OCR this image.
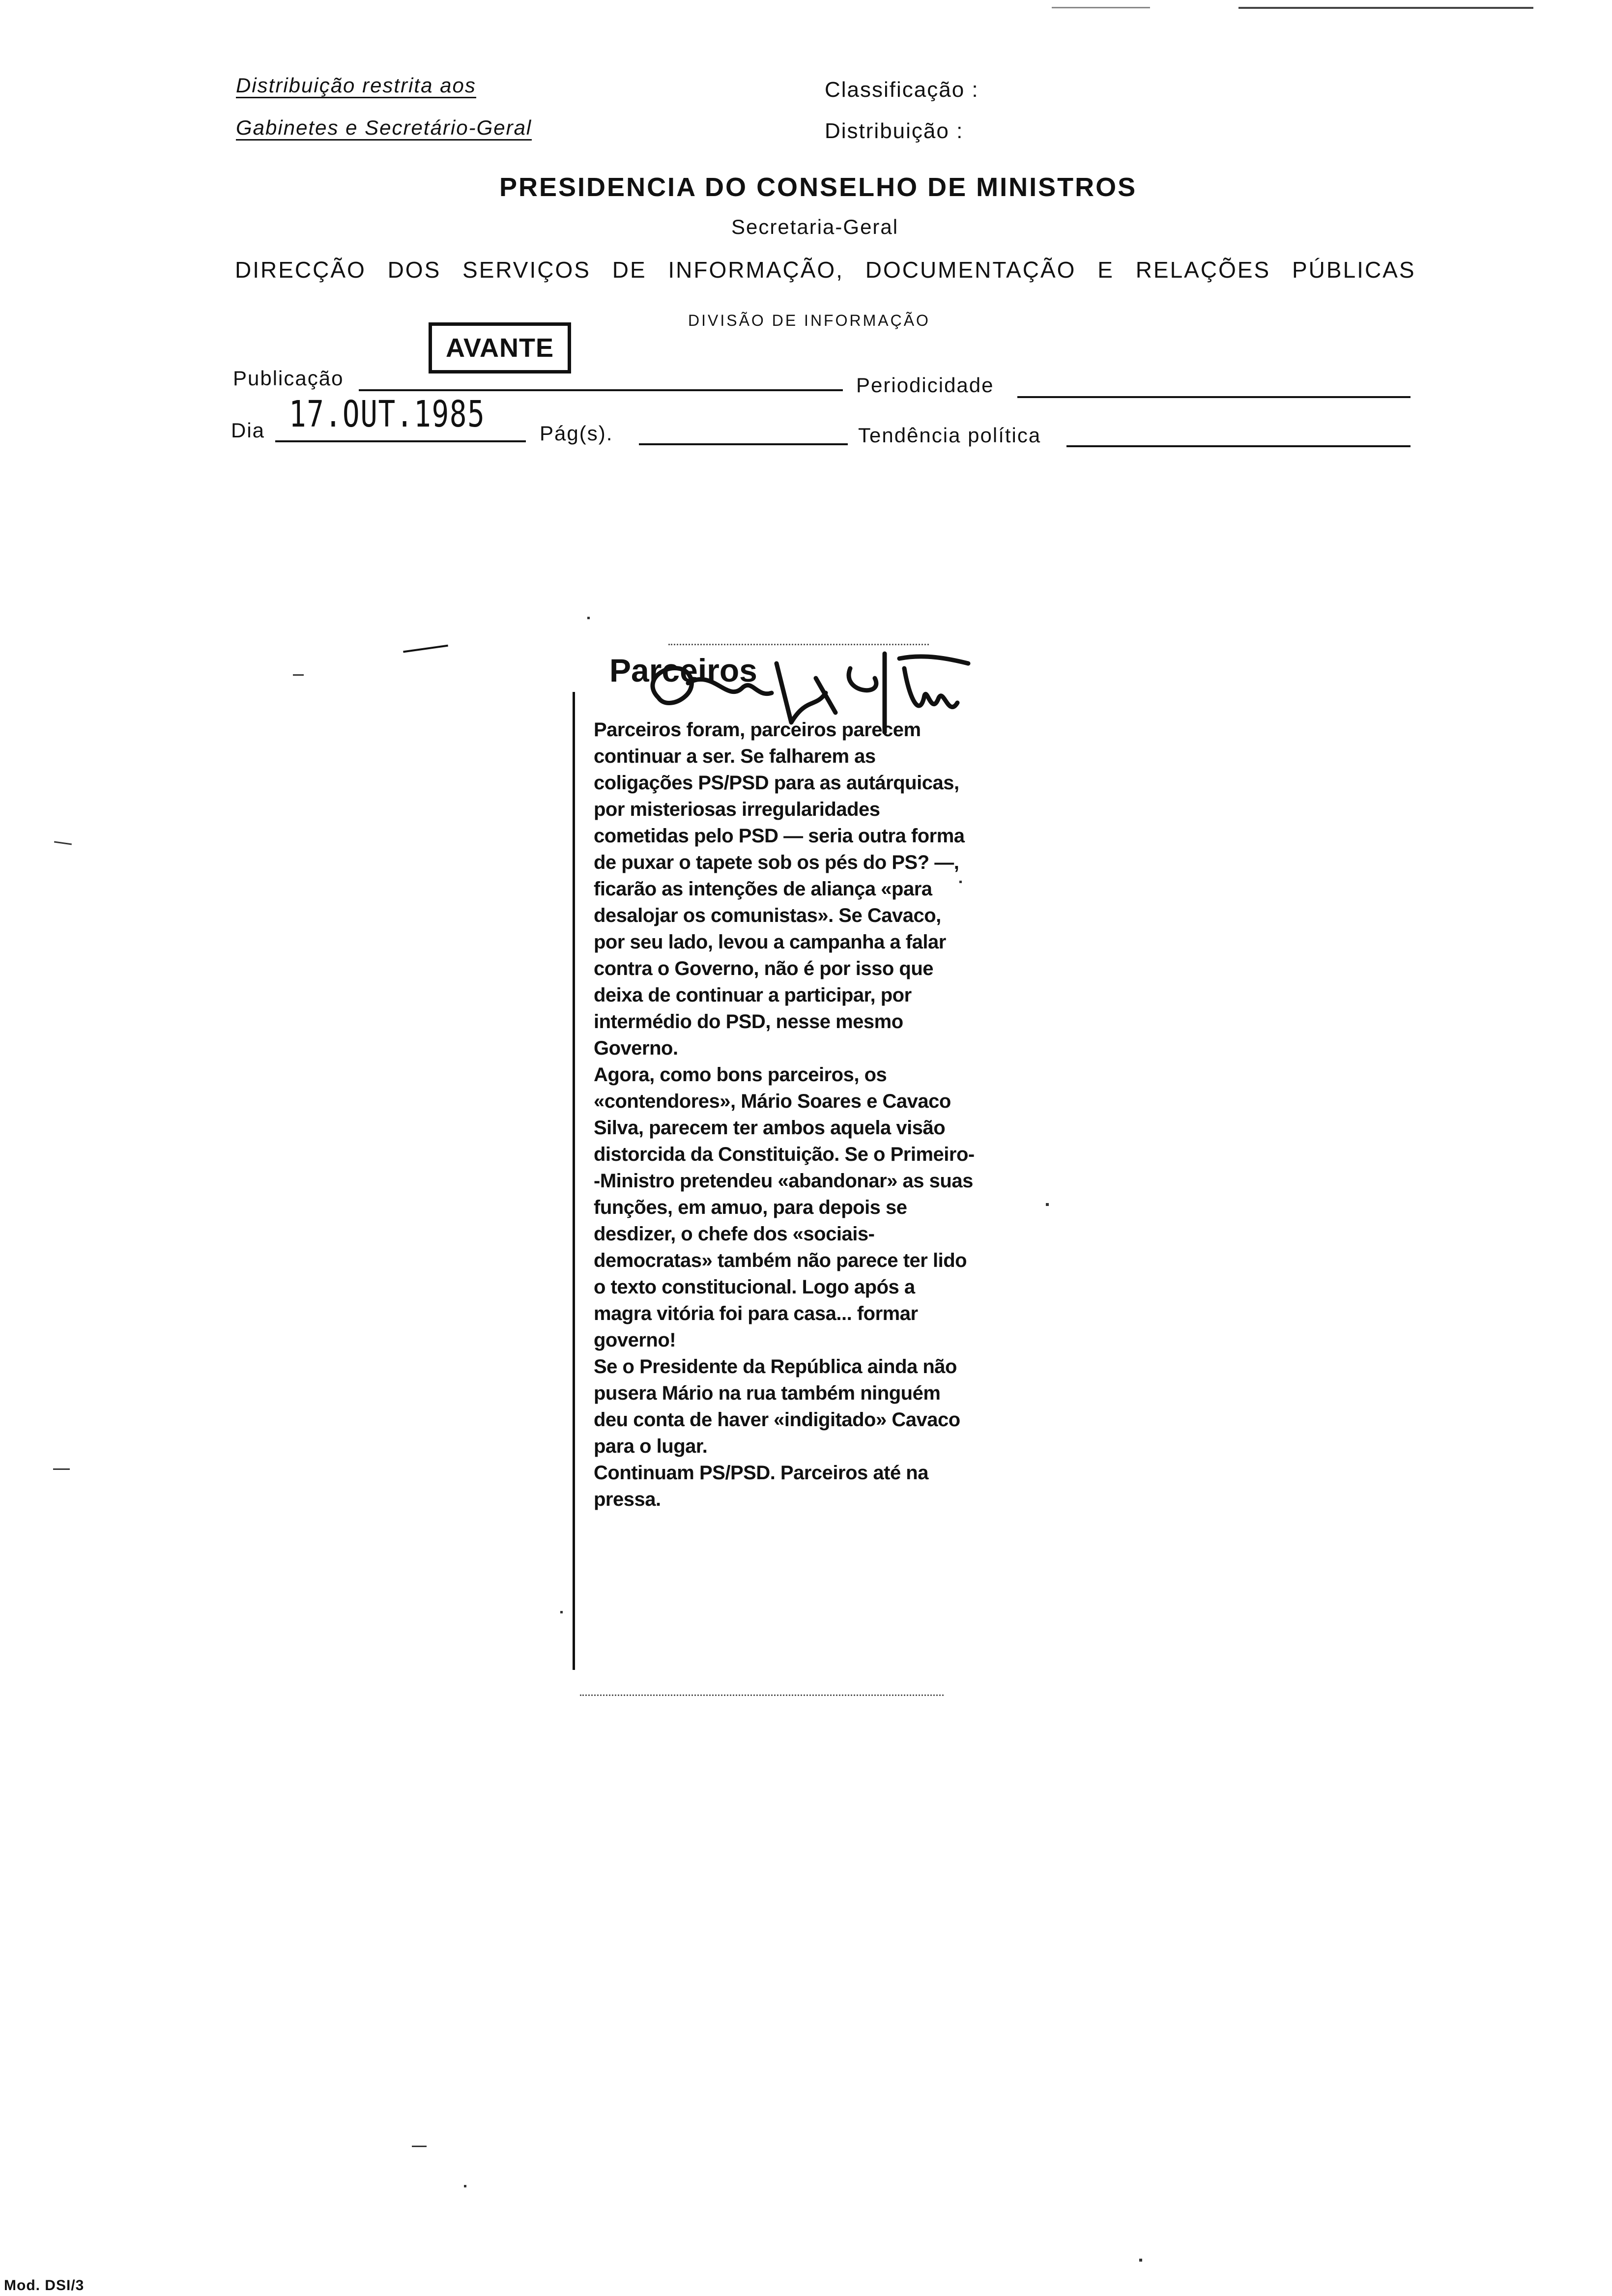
Distribuição restrita aos
Gabinetes e Secretário-Geral
Classificação :
Distribuição :
PRESIDENCIA DO CONSELHO DE MINISTROS
Secretaria-Geral
DIRECÇÃO DOS SERVIÇOS DE INFORMAÇÃO, DOCUMENTAÇÃO E RELAÇÕES PÚBLICAS
DIVISÃO DE INFORMAÇÃO
Publicação
AVANTE
Periodicidade
Dia 17.OUT.1985	Pág(s).	Tendência política
Parceiros

Parceiros foram, parceiros parecem continuar a ser. Se falharem as coligações PS/PSD para as autárquicas, por misteriosas irregularidades cometidas pelo PSD — seria outra forma de puxar o tapete sob os pés do PS? —, ficarão as intenções de aliança «para desalojar os comunistas». Se Cavaco, por seu lado, levou a campanha a falar contra o Governo, não é por isso que deixa de continuar a participar, por intermédio do PSD, nesse mesmo Governo.

Agora, como bons parceiros, os «contendores», Mário Soares e Cavaco Silva, parecem ter ambos aquela visão distorcida da Constituição. Se o Primeiro--Ministro pretendeu «abandonar» as suas funções, em amuo, para depois se desdizer, o chefe dos «sociais-democratas» também não parece ter lido o texto constitucional. Logo após a magra vitória foi para casa... formar governo!

Se o Presidente da República ainda não pusera Mário na rua também ninguém deu conta de haver «indigitado» Cavaco para o lugar.

Continuam PS/PSD. Parceiros até na pressa.

Mod. DSI/3
